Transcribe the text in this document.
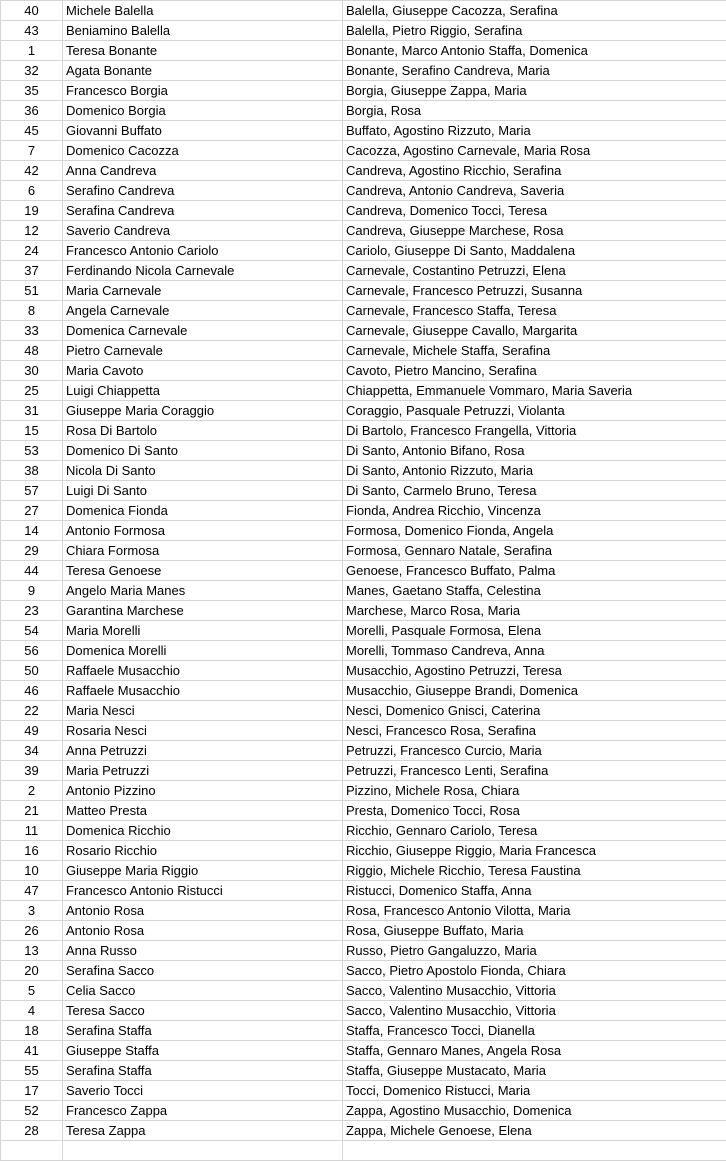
40	Michele Balella	Balella, Giuseppe Cacozza, Serafina
43	Beniamino Balella	Balella, Pietro Riggio, Serafina
1	Teresa Bonante	Bonante, Marco Antonio Staffa, Domenica
32	Agata Bonante	Bonante, Serafino Candreva, Maria
35	Francesco Borgia	Borgia, Giuseppe Zappa, Maria
36	Domenico Borgia	Borgia, Rosa
45	Giovanni Buffato	Buffato, Agostino Rizzuto, Maria
7	Domenico Cacozza	Cacozza, Agostino Carnevale, Maria Rosa
42	Anna Candreva	Candreva, Agostino Ricchio, Serafina
6	Serafino Candreva	Candreva, Antonio Candreva, Saveria
19	Serafina Candreva	Candreva, Domenico Tocci, Teresa
12	Saverio Candreva	Candreva, Giuseppe Marchese, Rosa
24	Francesco Antonio Cariolo	Cariolo, Giuseppe Di Santo, Maddalena
37	Ferdinando Nicola Carnevale	Carnevale, Costantino Petruzzi, Elena
51	Maria Carnevale	Carnevale, Francesco Petruzzi, Susanna
8	Angela Carnevale	Carnevale, Francesco Staffa, Teresa
33	Domenica Carnevale	Carnevale, Giuseppe Cavallo, Margarita
48	Pietro Carnevale	Carnevale, Michele Staffa, Serafina
30	Maria Cavoto	Cavoto, Pietro Mancino, Serafina
25	Luigi Chiappetta	Chiappetta, Emmanuele Vommaro, Maria Saveria
31	Giuseppe Maria Coraggio	Coraggio, Pasquale Petruzzi, Violanta
15	Rosa Di Bartolo	Di Bartolo, Francesco Frangella, Vittoria
53	Domenico Di Santo	Di Santo, Antonio Bifano, Rosa
38	Nicola Di Santo	Di Santo, Antonio Rizzuto, Maria
57	Luigi Di Santo	Di Santo, Carmelo Bruno, Teresa
27	Domenica Fionda	Fionda, Andrea Ricchio, Vincenza
14	Antonio Formosa	Formosa, Domenico Fionda, Angela
29	Chiara Formosa	Formosa, Gennaro Natale, Serafina
44	Teresa Genoese	Genoese, Francesco Buffato, Palma
9	Angelo Maria Manes	Manes, Gaetano Staffa, Celestina
23	Garantina Marchese	Marchese, Marco Rosa, Maria
54	Maria Morelli	Morelli, Pasquale Formosa, Elena
56	Domenica Morelli	Morelli, Tommaso Candreva, Anna
50	Raffaele Musacchio	Musacchio, Agostino Petruzzi, Teresa
46	Raffaele Musacchio	Musacchio, Giuseppe Brandi, Domenica
22	Maria Nesci	Nesci, Domenico Gnisci, Caterina
49	Rosaria Nesci	Nesci, Francesco Rosa, Serafina
34	Anna Petruzzi	Petruzzi, Francesco Curcio, Maria
39	Maria Petruzzi	Petruzzi, Francesco Lenti, Serafina
2	Antonio Pizzino	Pizzino, Michele Rosa, Chiara
21	Matteo Presta	Presta, Domenico Tocci, Rosa
11	Domenica Ricchio	Ricchio, Gennaro Cariolo, Teresa
16	Rosario Ricchio	Ricchio, Giuseppe Riggio, Maria Francesca
10	Giuseppe Maria Riggio	Riggio, Michele Ricchio, Teresa Faustina
47	Francesco Antonio Ristucci	Ristucci, Domenico Staffa, Anna
3	Antonio Rosa	Rosa, Francesco Antonio Vilotta, Maria
26	Antonio Rosa	Rosa, Giuseppe Buffato, Maria
13	Anna Russo	Russo, Pietro Gangaluzzo, Maria
20	Serafina Sacco	Sacco, Pietro Apostolo Fionda, Chiara
5	Celia Sacco	Sacco, Valentino Musacchio, Vittoria
4	Teresa Sacco	Sacco, Valentino Musacchio, Vittoria
18	Serafina Staffa	Staffa, Francesco Tocci, Dianella
41	Giuseppe Staffa	Staffa, Gennaro Manes, Angela Rosa
55	Serafina Staffa	Staffa, Giuseppe Mustacato, Maria
17	Saverio Tocci	Tocci, Domenico Ristucci, Maria
52	Francesco Zappa	Zappa, Agostino Musacchio, Domenica
28	Teresa Zappa	Zappa, Michele Genoese, Elena
